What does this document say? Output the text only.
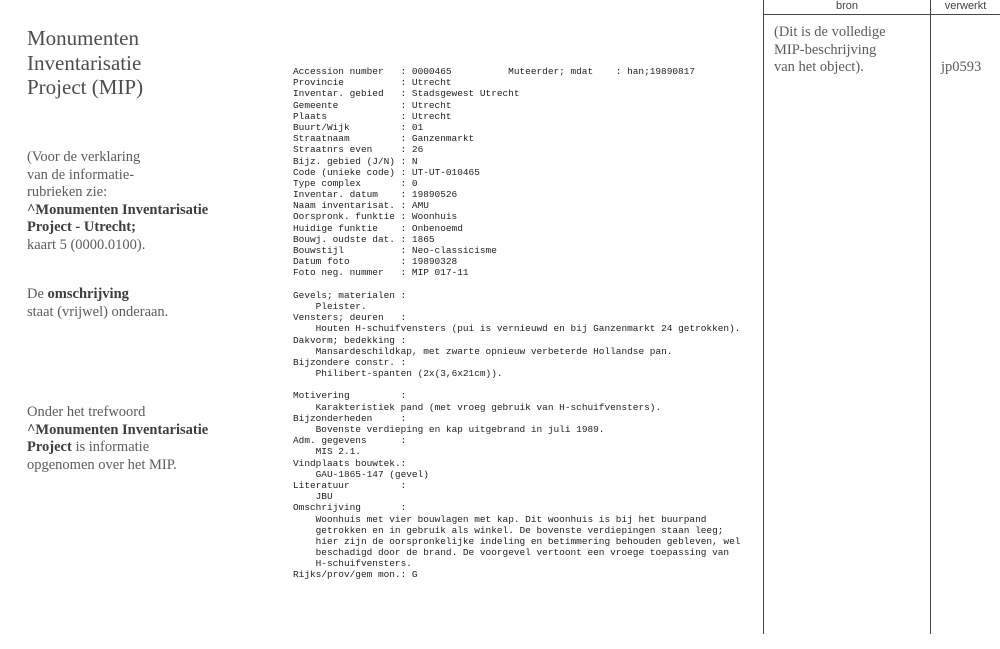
Monumenten Inventarisatie Project (MIP)
(Voor de verklaring
van de informatie-
rubrieken zie:
^Monumenten Inventarisatie
Project - Utrecht;
kaart 5 (0000.0100).
De omschrijving
staat (vrijwel) onderaan.
Onder het trefwoord
^Monumenten Inventarisatie
Project is informatie
opgenomen over het MIP.
Accession number : 0000465	Muteerder; mdat : han;19890817
Provincie	: Utrecht
Inventar. gebied : Stadsgewest Utrecht
Gemeente	: Utrecht
Plaats	: Utrecht
Buurt/Wijk	: 01
Straatnaam	: Ganzenmarkt
Straatnrs even	: 26
Bijz. gebied (J/N) : N
Code (unieke code) : UT-UT-010465
Type complex	: 0
Inventar. datum : 19890526
Naam inventarisat. : AMU
Oorspronk. funktie : Woonhuis
Huidige funktie : Onbenoemd
Bouwj. oudste dat. : 1865
Bouwstijl	: Neo-classicisme
Datum foto	: 19890328
Foto neg. nummer : MIP 017-11
Gevels; materialen :
Pleister.
Vensters; deuren :
Houten H-schuifvensters (pui is vernieuwd en bij Ganzenmarkt 24 getrokken).
Dakvorm; bedekking :
Mansardeschildkap, met zwarte opnieuw verbeterde Hollandse pan.
Bijzondere constr. :
Philibert-spanten (2x(3,6x21cm)).
Motivering	:
Karakteristiek pand (met vroeg gebruik van H-schuifvensters).
Bijzonderheden	:
Bovenste verdieping en kap uitgebrand in juli 1989.
Adm. gegevens	:
MIS 2.1.
Vindplaats bouwtek.:
GAU-1865-147 (gevel)
Literatuur	:
JBU
Omschrijving	:
Woonhuis met vier bouwlagen met kap. Dit woonhuis is bij het buurpand
getrokken en in gebruik als winkel. De bovenste verdiepingen staan leeg;
hier zijn de oorspronkelijke indeling en betimmering behouden gebleven, wel
beschadigd door de brand. De voorgevel vertoont een vroege toepassing van
H-schuifvensters.
Rijks/prov/gem mon.: G
bron	verwerkt
(Dit is de volledige
MIP-beschrijving
van het object).	jp0593
